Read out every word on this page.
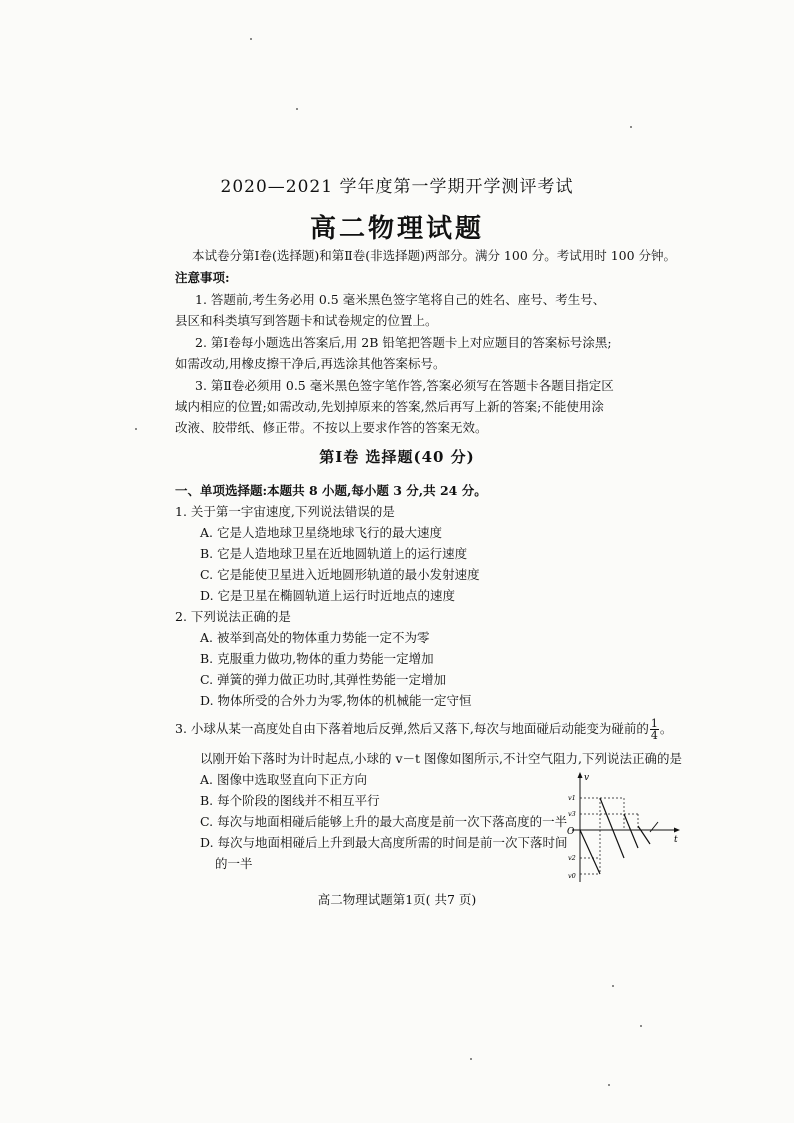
2020—2021 学年度第一学期开学测评考试
高二物理试题
本试卷分第Ⅰ卷(选择题)和第Ⅱ卷(非选择题)两部分。满分 100 分。考试用时 100 分钟。
注意事项:
1. 答题前,考生务必用 0.5 毫米黑色签字笔将自己的姓名、座号、考生号、县区和科类填写到答题卡和试卷规定的位置上。
2. 第Ⅰ卷每小题选出答案后,用 2B 铅笔把答题卡上对应题目的答案标号涂黑;如需改动,用橡皮擦干净后,再选涂其他答案标号。
3. 第Ⅱ卷必须用 0.5 毫米黑色签字笔作答,答案必须写在答题卡各题目指定区域内相应的位置;如需改动,先划掉原来的答案,然后再写上新的答案;不能使用涂改液、胶带纸、修正带。不按以上要求作答的答案无效。
第Ⅰ卷 选择题(40 分)
一、单项选择题:本题共 8 小题,每小题 3 分,共 24 分。
1. 关于第一宇宙速度,下列说法错误的是
A. 它是人造地球卫星绕地球飞行的最大速度
B. 它是人造地球卫星在近地圆轨道上的运行速度
C. 它是能使卫星进入近地圆形轨道的最小发射速度
D. 它是卫星在椭圆轨道上运行时近地点的速度
2. 下列说法正确的是
A. 被举到高处的物体重力势能一定不为零
B. 克服重力做功,物体的重力势能一定增加
C. 弹簧的弹力做正功时,其弹性势能一定增加
D. 物体所受的合外力为零,物体的机械能一定守恒
3. 小球从某一高度处自由下落着地后反弹,然后又落下,每次与地面碰后动能变为碰前的 $\frac{1}{4}$ 。
以刚开始下落时为计时起点,小球的 v－t 图像如图所示,不计空气阻力,下列说法正确的是
A. 图像中选取竖直向下正方向
B. 每个阶段的图线并不相互平行
C. 每次与地面相碰后能够上升的最大高度是前一次下落高度的一半
D. 每次与地面相碰后上升到最大高度所需的时间是前一次下落时间
的一半
v
t
O
v1
v3
v2
v0
高二物理试题第1页( 共7 页)
